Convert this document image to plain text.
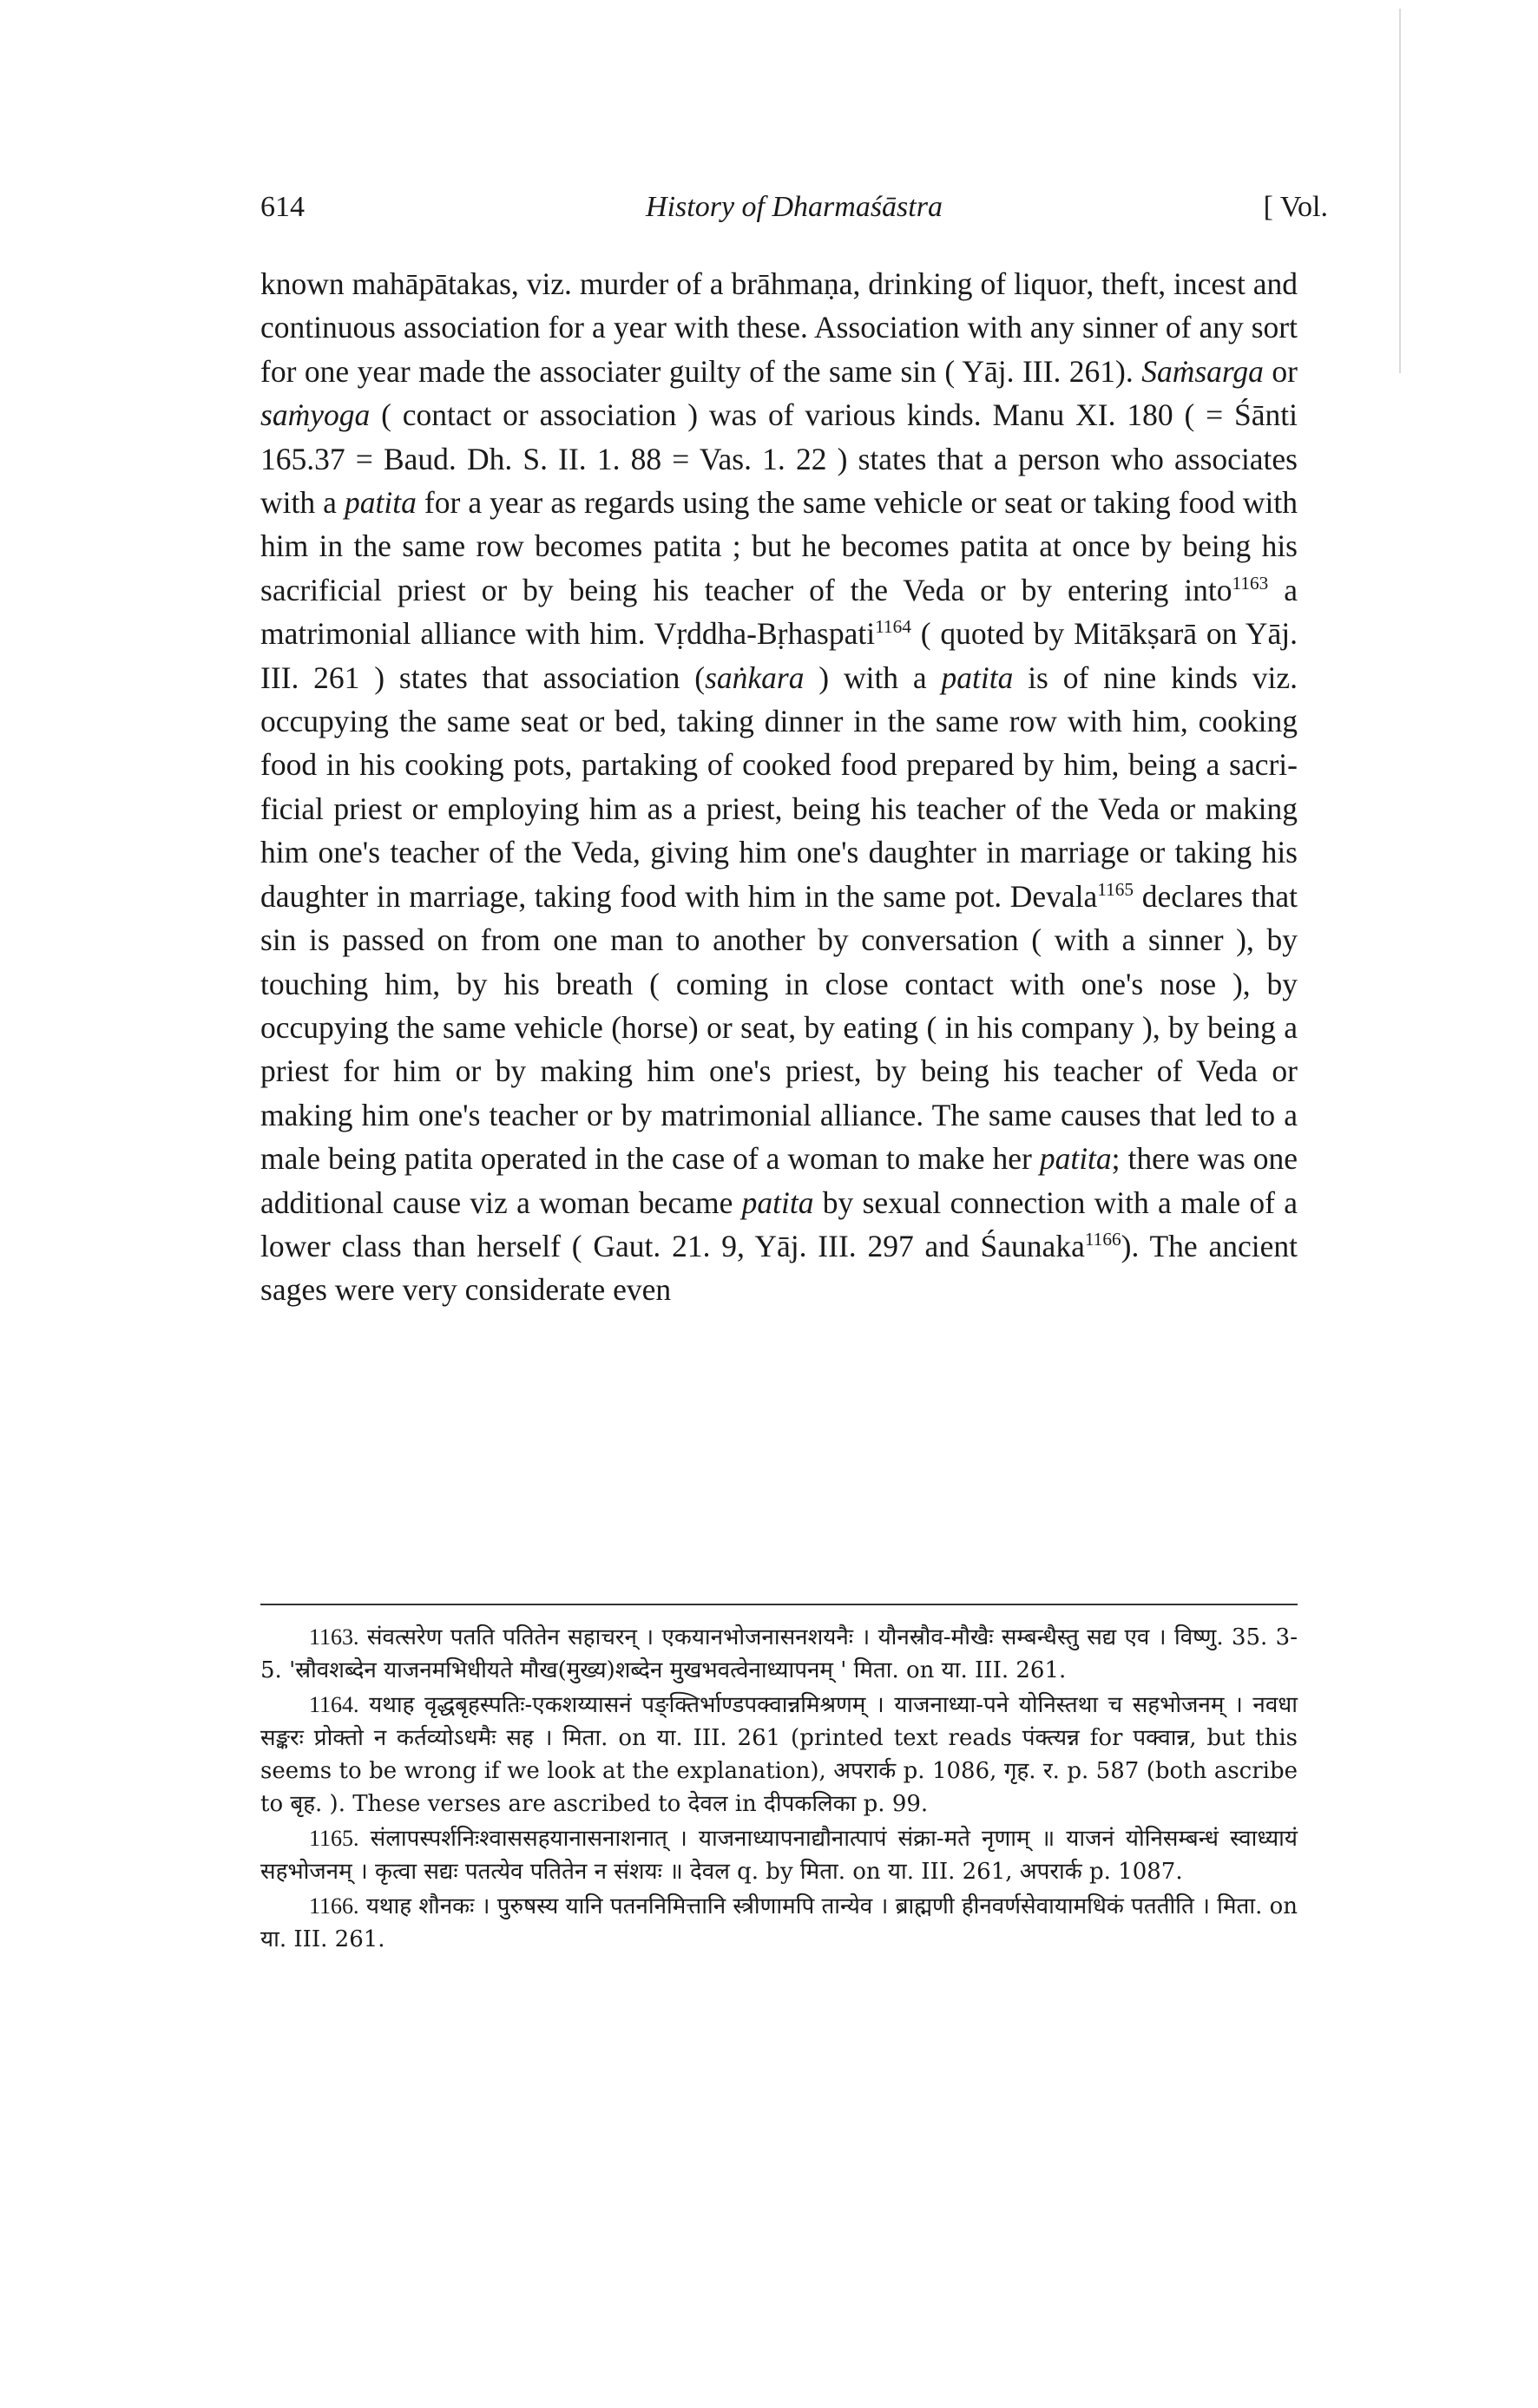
614	History of Dharmaśāstra	[ Vol.

known mahāpātakas, viz. murder of a brāhmaṇa, drinking of liquor, theft, incest and continuous association for a year with these. Association with any sinner of any sort for one year made the associater guilty of the same sin ( Yāj. III. 261). Saṁsarga or saṁyoga ( contact or association ) was of various kinds. Manu XI. 180 ( = Śānti 165.37 = Baud. Dh. S. II. 1. 88 = Vas. 1. 22 ) states that a person who associates with a patita for a year as regards using the same vehicle or seat or taking food with him in the same row becomes patita ; but he becomes patita at once by being his sacrificial priest or by being his teacher of the Veda or by entering into$^{1163}$ a matrimonial alliance with him. Vṛddha-Bṛhaspati$^{1164}$ ( quoted by Mitākṣarā on Yāj. III. 261 ) states that association (saṅkara ) with a patita is of nine kinds viz. occupying the same seat or bed, taking dinner in the same row with him, cooking food in his cooking pots, partaking of cooked food prepared by him, being a sacrificial priest or employing him as a priest, being his teacher of the Veda or making him one's teacher of the Veda, giving him one's daughter in marriage or taking his daughter in marriage, taking food with him in the same pot. Devala$^{1165}$ declares that sin is passed on from one man to another by conversation ( with a sinner ), by touching him, by his breath ( coming in close contact with one's nose ), by occupying the same vehicle (horse) or seat, by eating ( in his company ), by being a priest for him or by making him one's priest, by being his teacher of Veda or making him one's teacher or by matrimonial alliance. The same causes that led to a male being patita operated in the case of a woman to make her patita; there was one additional cause viz a woman became patita by sexual connection with a male of a lower class than herself ( Gaut. 21. 9, Yāj. III. 297 and Śaunaka$^{1166}$). The ancient sages were very considerate even

1163. संवत्सरेण पतति पतितेन सहाचरन् । एकयानभोजनासनशयनैः । यौनस्रौव-मौखैः सम्बन्धैस्तु सद्य एव । विष्णु. 35. 3-5. 'स्रौवशब्देन याजनमभिधीयते मौख(मुख्य)शब्देन मुखभवत्वेनाध्यापनम् ' मिता. on या. III. 261.

1164. यथाह वृद्धबृहस्पतिः-एकशय्यासनं पङ्क्तिर्भाण्डपक्वान्नमिश्रणम् । याजनाध्या-पने योनिस्तथा च सहभोजनम् । नवधा सङ्करः प्रोक्तो न कर्तव्योऽधमैः सह । मिता. on या. III. 261 (printed text reads पंक्त्यन्न for पक्वान्न, but this seems to be wrong if we look at the explanation), अपरार्क p. 1086, गृह. र. p. 587 (both ascribe to बृह. ). These verses are ascribed to देवल in दीपकलिका p. 99.

1165. संलापस्पर्शनिःश्वाससहयानासनाशनात् । याजनाध्यापनाद्यौनात्पापं संक्रा-मते नृणाम् ॥ याजनं योनिसम्बन्धं स्वाध्यायं सहभोजनम् । कृत्वा सद्यः पतत्येव पतितेन न संशयः ॥ देवल q. by मिता. on या. III. 261, अपरार्क p. 1087.

1166. यथाह शौनकः । पुरुषस्य यानि पतननिमित्तानि स्त्रीणामपि तान्येव । ब्राह्मणी हीनवर्णसेवायामधिकं पततीति । मिता. on या. III. 261.
